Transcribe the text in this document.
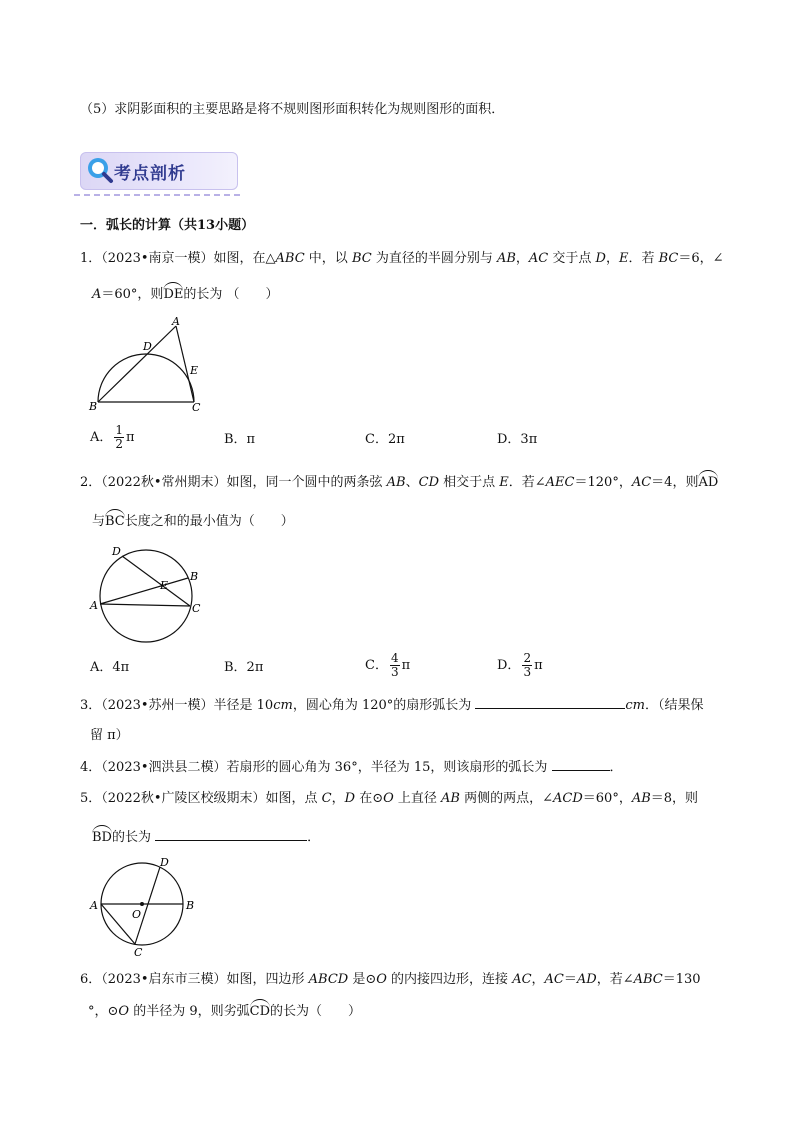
（5）求阴影面积的主要思路是将不规则图形面积转化为规则图形的面积．
考点剖析
一．弧长的计算（共13小题）
1．（2023•南京一模）如图，在△ABC 中，以 BC 为直径的半圆分别与 AB，AC 交于点 D，E．若 BC＝6，∠
A＝60°，则DE的长为 （　　）
A
B	C
D
E
A． $\frac{1}{2}$ π	B．π	C．2π	D．3π
2．（2022秋•常州期末）如图，同一个圆中的两条弦 AB、CD 相交于点 E．若∠AEC＝120°，AC＝4，则AD
与BC长度之和的最小值为（　　）
A
B
C
D
E
A．4π	B．2π	C． $\frac{4}{3}$ π	D． $\frac{2}{3}$ π
3．（2023•苏州一模）半径是 10cm，圆心角为 120°的扇形弧长为	cm．（结果保
留 π）
4．（2023•泗洪县二模）若扇形的圆心角为 36°，半径为 15，则该扇形的弧长为	．
5．（2022秋•广陵区校级期末）如图，点 C，D 在⊙O 上直径 AB 两侧的两点，∠ACD＝60°，AB＝8，则
BD的长为	．
A	B
C
D
O
6．（2023•启东市三模）如图，四边形 ABCD 是⊙O 的内接四边形，连接 AC，AC＝AD，若∠ABC＝130
°，⊙O 的半径为 9，则劣弧CD的长为（　　）
